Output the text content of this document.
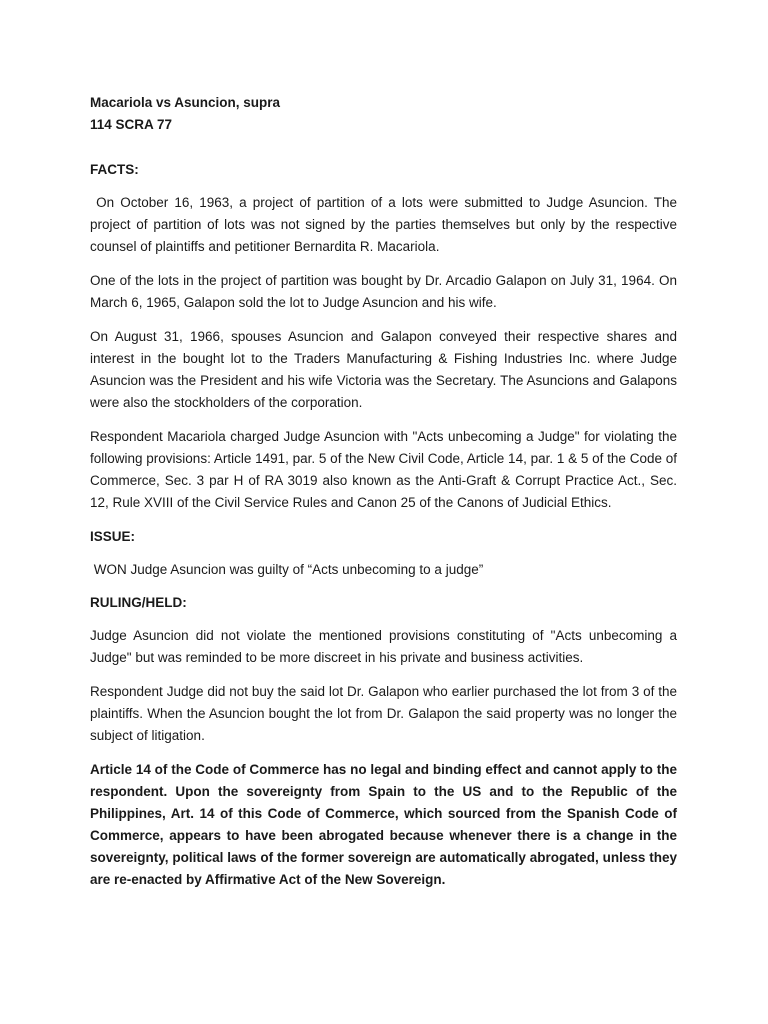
Macariola vs Asuncion, supra
114 SCRA 77
FACTS:

On October 16, 1963, a project of partition of a lots were submitted to Judge Asuncion. The project of partition of lots was not signed by the parties themselves but only by the respective counsel of plaintiffs and petitioner Bernardita R. Macariola.

One of the lots in the project of partition was bought by Dr. Arcadio Galapon on July 31, 1964. On March 6, 1965, Galapon sold the lot to Judge Asuncion and his wife.

On August 31, 1966, spouses Asuncion and Galapon conveyed their respective shares and interest in the bought lot to the Traders Manufacturing & Fishing Industries Inc. where Judge Asuncion was the President and his wife Victoria was the Secretary. The Asuncions and Galapons were also the stockholders of the corporation.

Respondent Macariola charged Judge Asuncion with "Acts unbecoming a Judge" for violating the following provisions: Article 1491, par. 5 of the New Civil Code, Article 14, par. 1 & 5 of the Code of Commerce, Sec. 3 par H of RA 3019 also known as the Anti-Graft & Corrupt Practice Act., Sec. 12, Rule XVIII of the Civil Service Rules and Canon 25 of the Canons of Judicial Ethics.

ISSUE:

WON Judge Asuncion was guilty of “Acts unbecoming to a judge”

RULING/HELD:

Judge Asuncion did not violate the mentioned provisions constituting of "Acts unbecoming a Judge" but was reminded to be more discreet in his private and business activities.

Respondent Judge did not buy the said lot Dr. Galapon who earlier purchased the lot from 3 of the plaintiffs. When the Asuncion bought the lot from Dr. Galapon the said property was no longer the subject of litigation.

Article 14 of the Code of Commerce has no legal and binding effect and cannot apply to the respondent. Upon the sovereignty from Spain to the US and to the Republic of the Philippines, Art. 14 of this Code of Commerce, which sourced from the Spanish Code of Commerce, appears to have been abrogated because whenever there is a change in the sovereignty, political laws of the former sovereign are automatically abrogated, unless they are re-enacted by Affirmative Act of the New Sovereign.
